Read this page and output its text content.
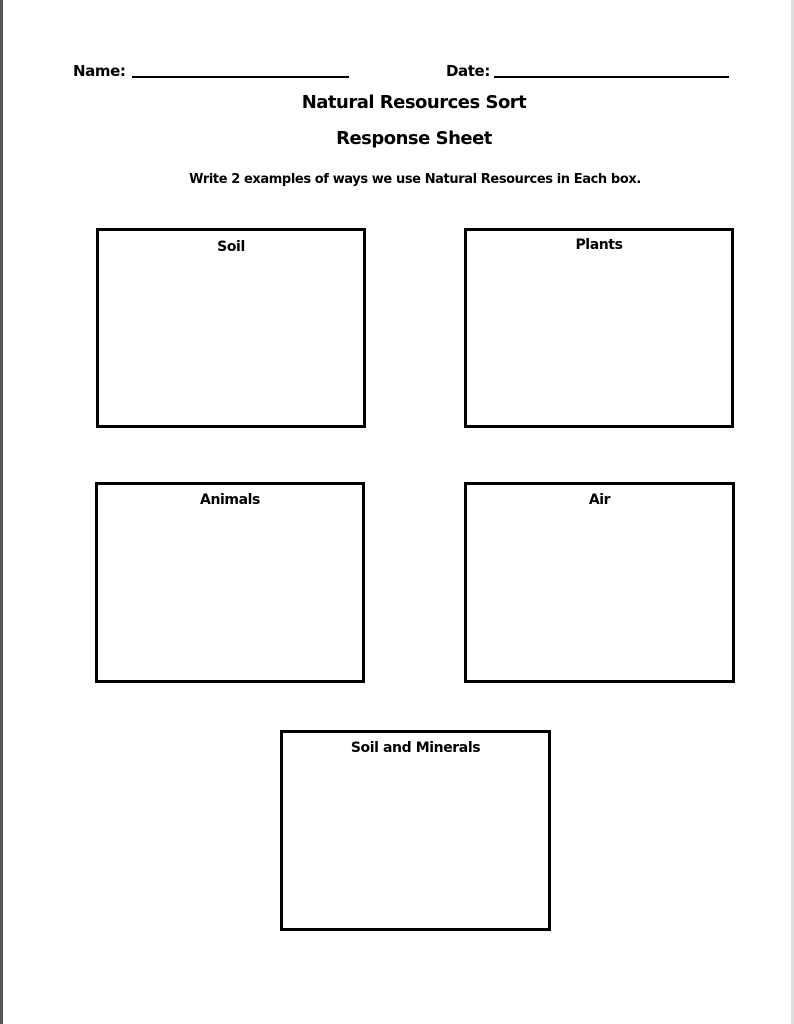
Name:	Date:
Natural Resources Sort
Response Sheet
Write 2 examples of ways we use Natural Resources in Each box.
Soil	Plants
Animals	Air
Soil and Minerals
